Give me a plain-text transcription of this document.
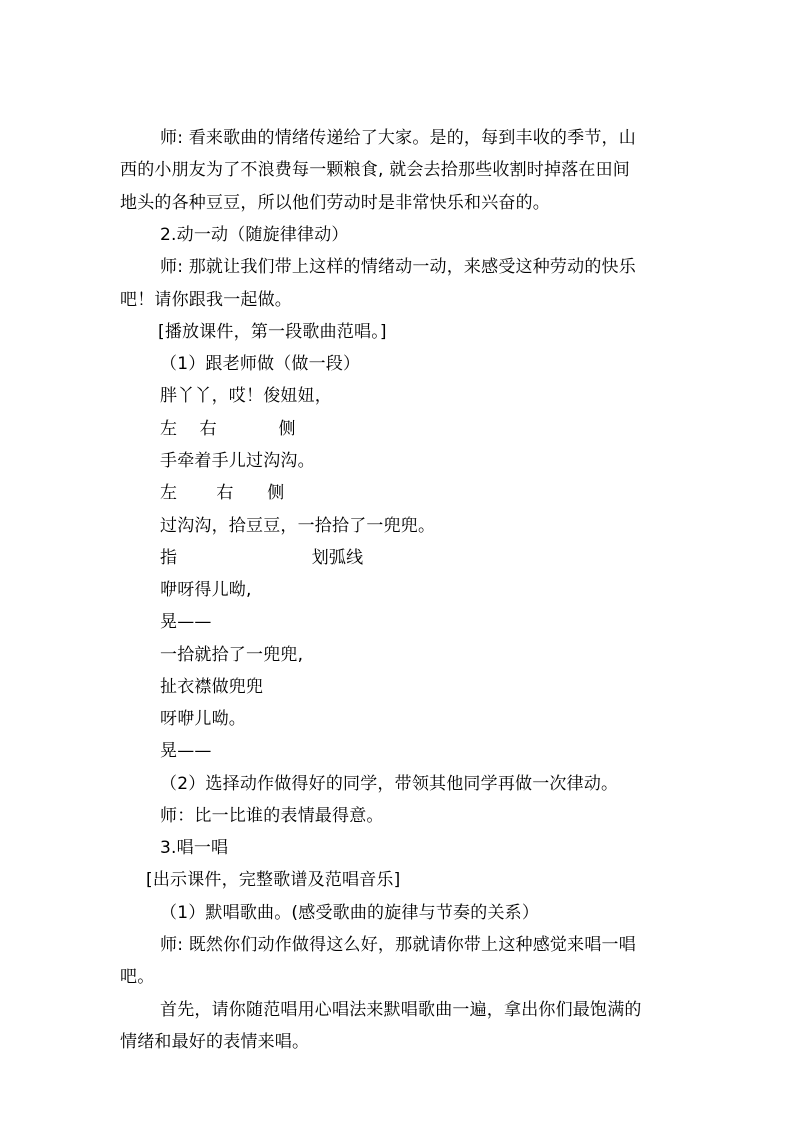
师: 看来歌曲的情绪传递给了大家。是的，每到丰收的季节，山
西的小朋友为了不浪费每一颗粮食, 就会去拾那些收割时掉落在田间
地头的各种豆豆，所以他们劳动时是非常快乐和兴奋的。
2.动一动（随旋律律动）
师: 那就让我们带上这样的情绪动一动，来感受这种劳动的快乐
吧！请你跟我一起做。
[播放课件，第一段歌曲范唱。]
（1）跟老师做（做一段）
胖丫丫，哎！俊妞妞，
左    右           侧
手牵着手儿过沟沟。
左       右      侧
过沟沟，拾豆豆，一拾拾了一兜兜。
指                        划弧线
咿呀得儿呦,
晃——
一拾就拾了一兜兜,
扯衣襟做兜兜
呀咿儿呦。
晃——
（2）选择动作做得好的同学，带领其他同学再做一次律动。
师：比一比谁的表情最得意。
3.唱一唱
[出示课件，完整歌谱及范唱音乐]
（1）默唱歌曲。(感受歌曲的旋律与节奏的关系）
师: 既然你们动作做得这么好，那就请你带上这种感觉来唱一唱
吧。
首先，请你随范唱用心唱法来默唱歌曲一遍，拿出你们最饱满的
情绪和最好的表情来唱。
